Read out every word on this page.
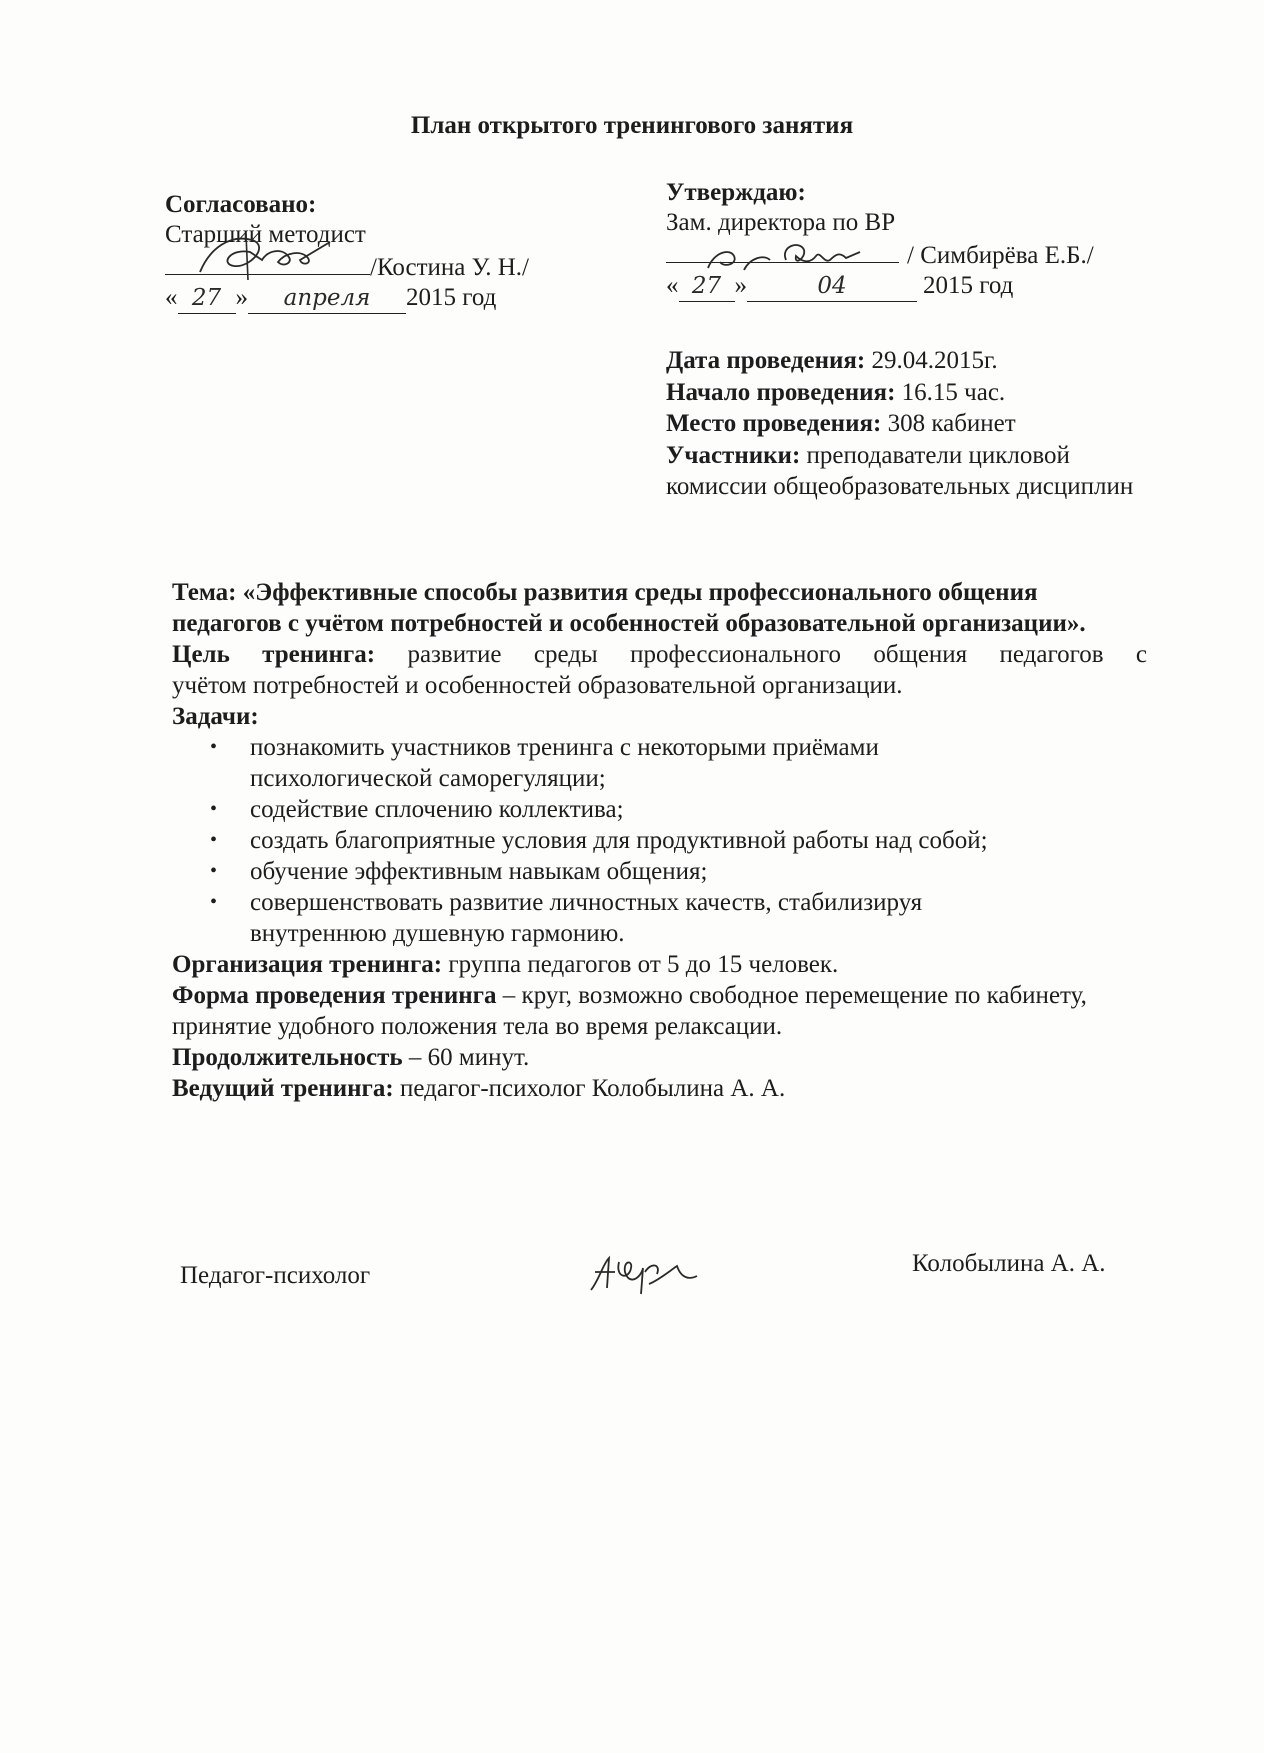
План открытого тренингового занятия
Согласовано:
Старший методист
/Костина У. Н./
« 27 » апреля 2015 год
Утверждаю:
Зам. директора по ВР
/ Симбирёва Е.Б./
« 27 »	04	2015 год
Дата проведения: 29.04.2015г.
Начало проведения: 16.15 час.
Место проведения: 308 кабинет
Участники: преподаватели цикловой комиссии общеобразовательных дисциплин

Тема: «Эффективные способы развития среды профессионального общения педагогов с учётом потребностей и особенностей образовательной организации».

Цель тренинга: развитие среды профессионального общения педагогов с

учётом потребностей и особенностей образовательной организации.

Задачи:

• познакомить участников тренинга с некоторыми приёмами психологической саморегуляции;
• содействие сплочению коллектива;
• создать благоприятные условия для продуктивной работы над собой;
• обучение эффективным навыкам общения;
• совершенствовать развитие личностных качеств, стабилизируя внутреннюю душевную гармонию.

Организация тренинга: группа педагогов от 5 до 15 человек.

Форма проведения тренинга – круг, возможно свободное перемещение по кабинету, принятие удобного положения тела во время релаксации.

Продолжительность – 60 минут.

Ведущий тренинга: педагог-психолог Колобылина А. А.

Педагог-психолог	Колобылина А. А.
